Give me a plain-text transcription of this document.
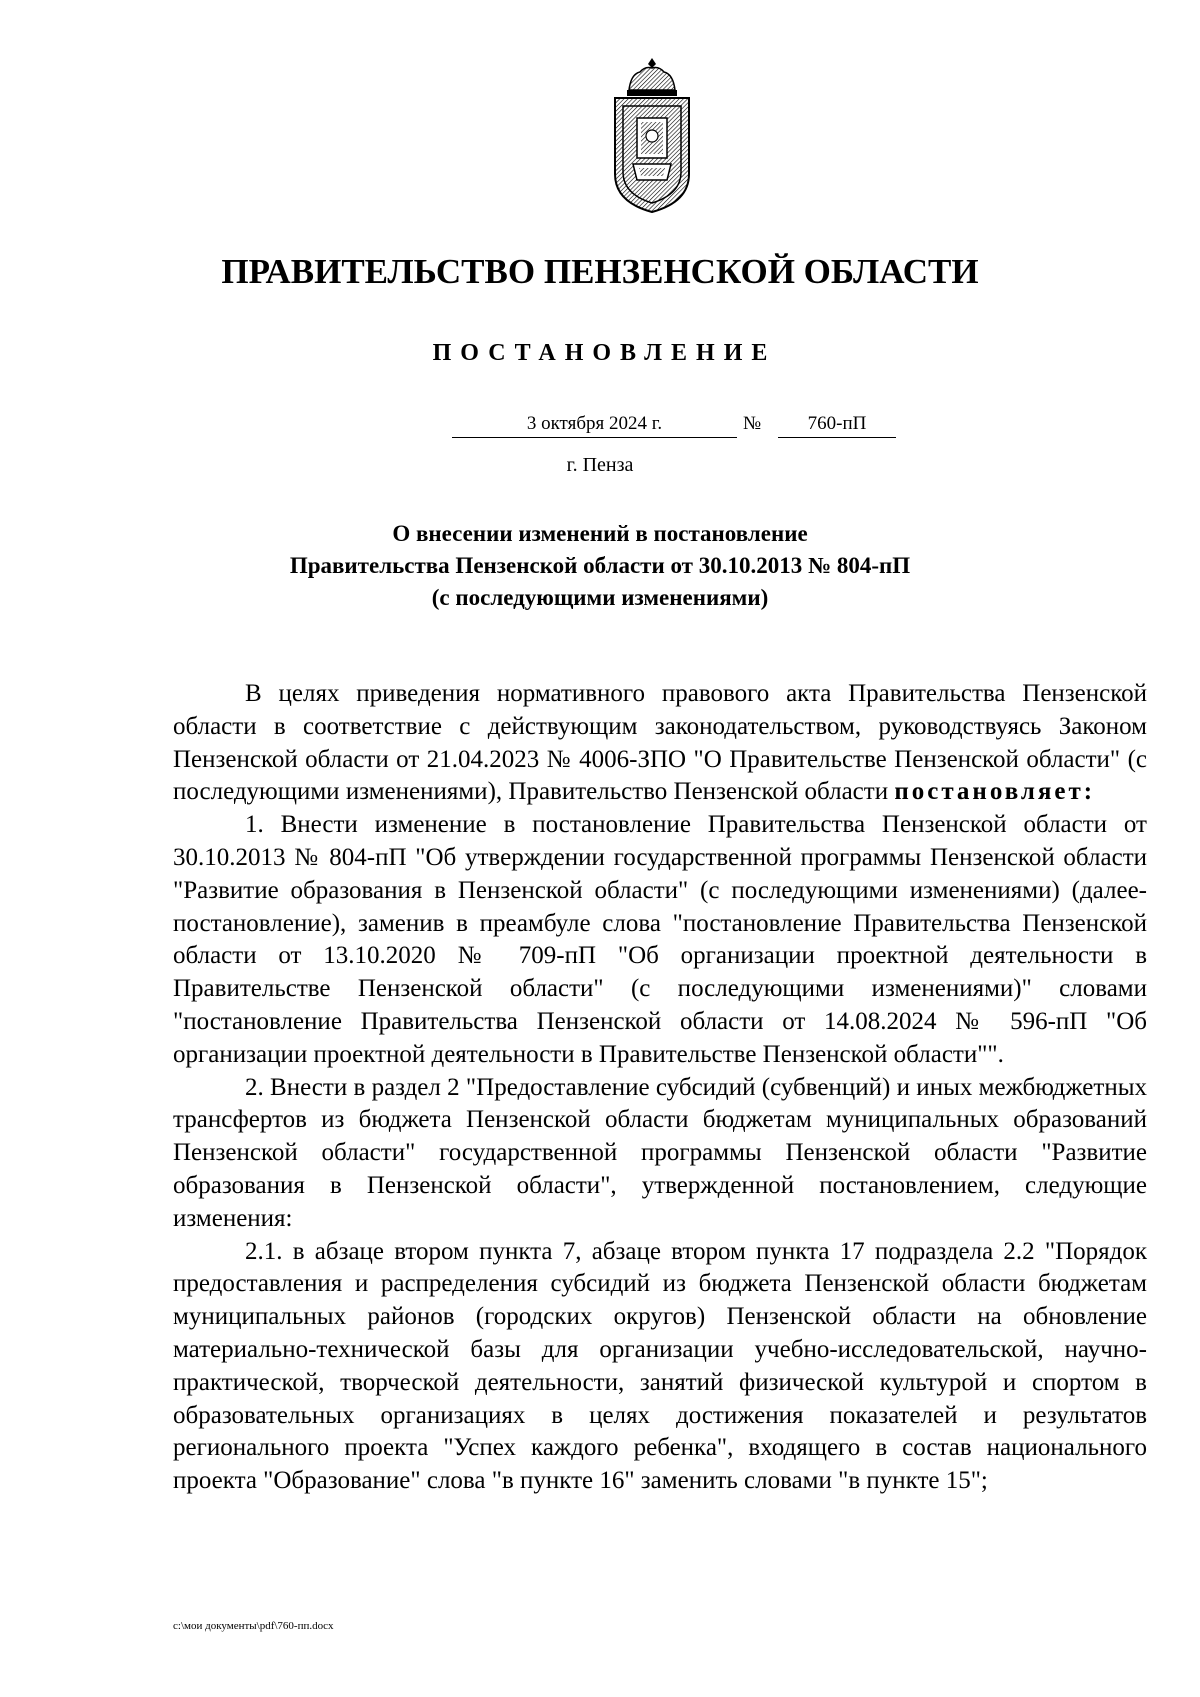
ПРАВИТЕЛЬСТВО ПЕНЗЕНСКОЙ ОБЛАСТИ
ПОСТАНОВЛЕНИЕ
3 октября 2024 г.	№	760-пП
г. Пенза
О внесении изменений в постановление
Правительства Пензенской области от 30.10.2013 № 804-пП
(с последующими изменениями)

В целях приведения нормативного правового акта Правительства Пензенской области в соответствие с действующим законодательством, руководствуясь Законом Пензенской области от 21.04.2023 № 4006-ЗПО "О Правительстве Пензенской области" (с последующими изменениями), Правительство Пензенской области постановляет:

1. Внести изменение в постановление Правительства Пензенской области от 30.10.2013 № 804-пП "Об утверждении государственной программы Пензенской области "Развитие образования в Пензенской области" (с последующими изменениями) (далее- постановление), заменив в преамбуле слова "постановление Правительства Пензенской области от 13.10.2020 № 709-пП "Об организации проектной деятельности в Правительстве Пензенской области" (с последующими изменениями)" словами "постановление Правительства Пензенской области от 14.08.2024 № 596-пП "Об организации проектной деятельности в Правительстве Пензенской области"".

2. Внести в раздел 2 "Предоставление субсидий (субвенций) и иных межбюджетных трансфертов из бюджета Пензенской области бюджетам муниципальных образований Пензенской области" государственной программы Пензенской области "Развитие образования в Пензенской области", утвержденной постановлением, следующие изменения:

2.1. в абзаце втором пункта 7, абзаце втором пункта 17 подраздела 2.2 "Порядок предоставления и распределения субсидий из бюджета Пензенской области бюджетам муниципальных районов (городских округов) Пензенской области на обновление материально-технической базы для организации учебно-исследовательской, научно-практической, творческой деятельности, занятий физической культурой и спортом в образовательных организациях в целях достижения показателей и результатов регионального проекта "Успех каждого ребенка", входящего в состав национального проекта "Образование" слова "в пункте 16" заменить словами "в пункте 15";

c:\мои документы\pdf\760-пп.docx
